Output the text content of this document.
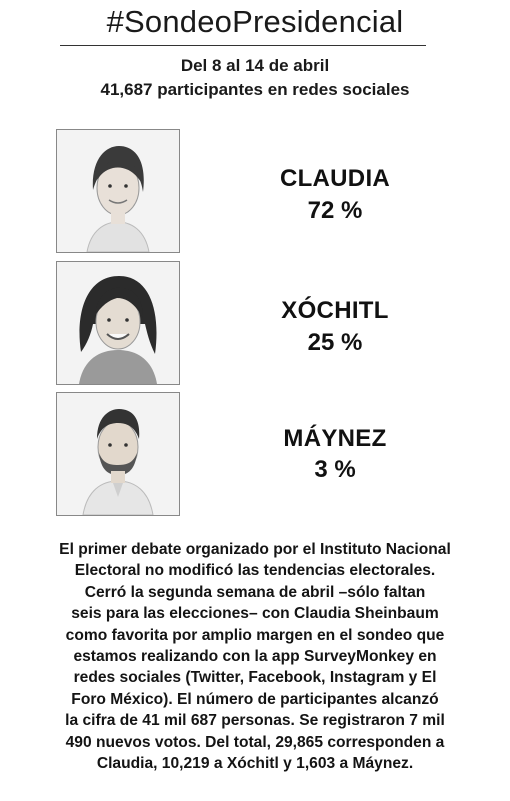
#SondeoPresidencial
Del 8 al 14 de abril
41,687 participantes en redes sociales
CLAUDIA
72 %
XÓCHITL
25 %
MÁYNEZ
3 %
El primer debate organizado por el Instituto Nacional
Electoral no modificó las tendencias electorales.
Cerró la segunda semana de abril –sólo faltan
seis para las elecciones– con Claudia Sheinbaum
como favorita por amplio margen en el sondeo que
estamos realizando con la app SurveyMonkey en
redes sociales (Twitter, Facebook, Instagram y El
Foro México). El número de participantes alcanzó
la cifra de 41 mil 687 personas. Se registraron 7 mil
490 nuevos votos. Del total, 29,865 corresponden a
Claudia, 10,219 a Xóchitl y 1,603 a Máynez.
